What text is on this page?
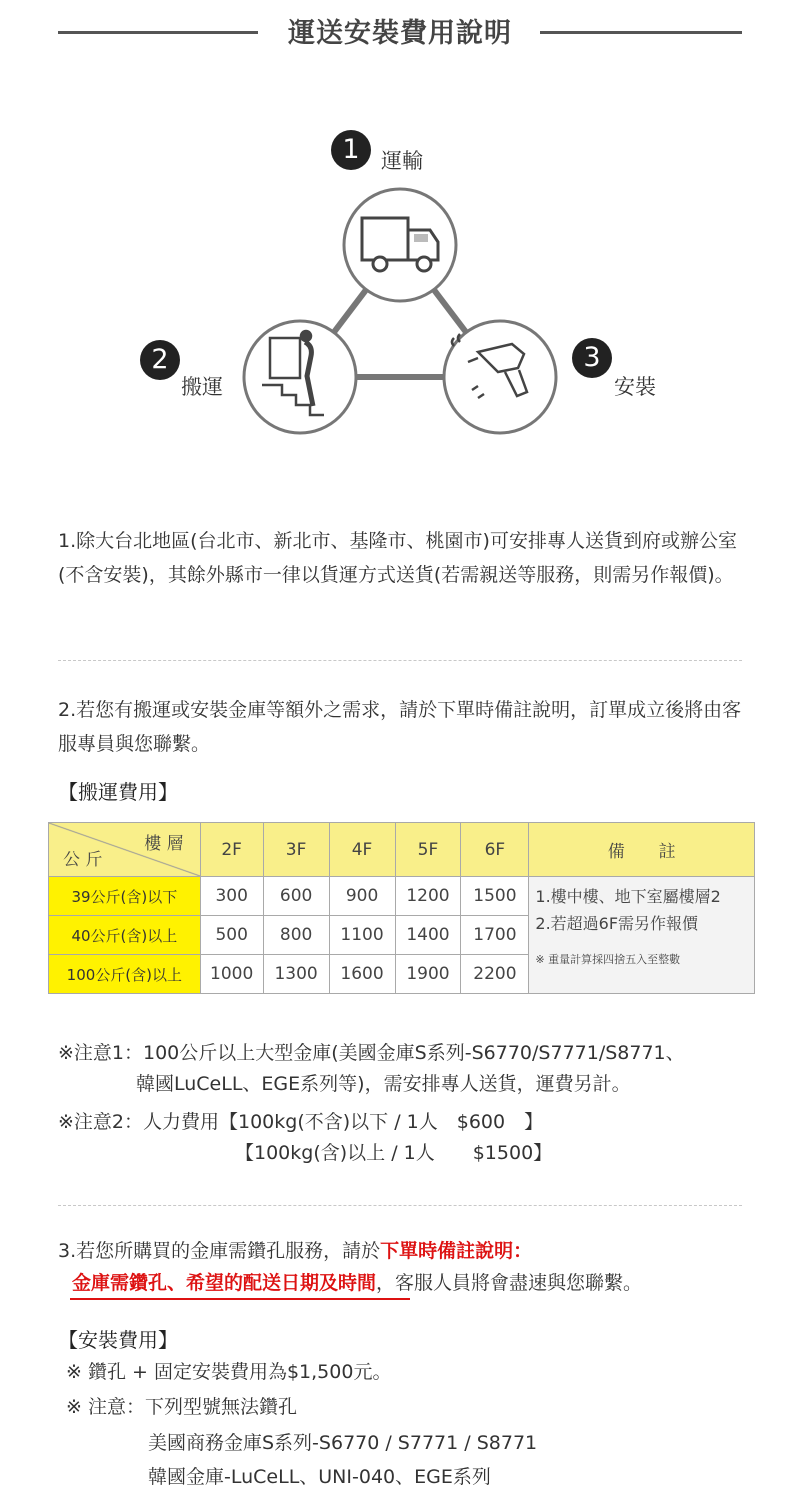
運送安裝費用說明
1	運輸
2
搬運
3
安裝
1.除大台北地區(台北市、新北市、基隆市、桃園市)可安排專人送貨到府或辦公室(不含安裝)，其餘外縣市一律以貨運方式送貨(若需親送等服務，則需另作報價)。
2.若您有搬運或安裝金庫等額外之需求，請於下單時備註說明，訂單成立後將由客服專員與您聯繫。
【搬運費用】
樓 層
公 斤	2F	3F	4F	5F	6F	備　　註
39公斤(含)以下	300	600	900	1200	1500	1.樓中樓、地下室屬樓層2
2.若超過6F需另作報價
※ 重量計算採四捨五入至整數

40公斤(含)以上	500	800	1100	1400	1700	
100公斤(含)以上	1000	1300	1600	1900	2200	
※注意1：100公斤以上大型金庫(美國金庫S系列-S6770/S7771/S8771、
韓國LuCeLL、EGE系列等)，需安排專人送貨，運費另計。
※注意2：人力費用【100kg(不含)以下 / 1人　$600　】
【100kg(含)以上 / 1人　　$1500】
3.若您所購買的金庫需鑽孔服務，請於下單時備註說明：
金庫需鑽孔、希望的配送日期及時間，客服人員將會盡速與您聯繫。
【安裝費用】
※ 鑽孔 + 固定安裝費用為$1,500元。
※ 注意：下列型號無法鑽孔
美國商務金庫S系列-S6770 / S7771 / S8771
韓國金庫-LuCeLL、UNI-040、EGE系列
